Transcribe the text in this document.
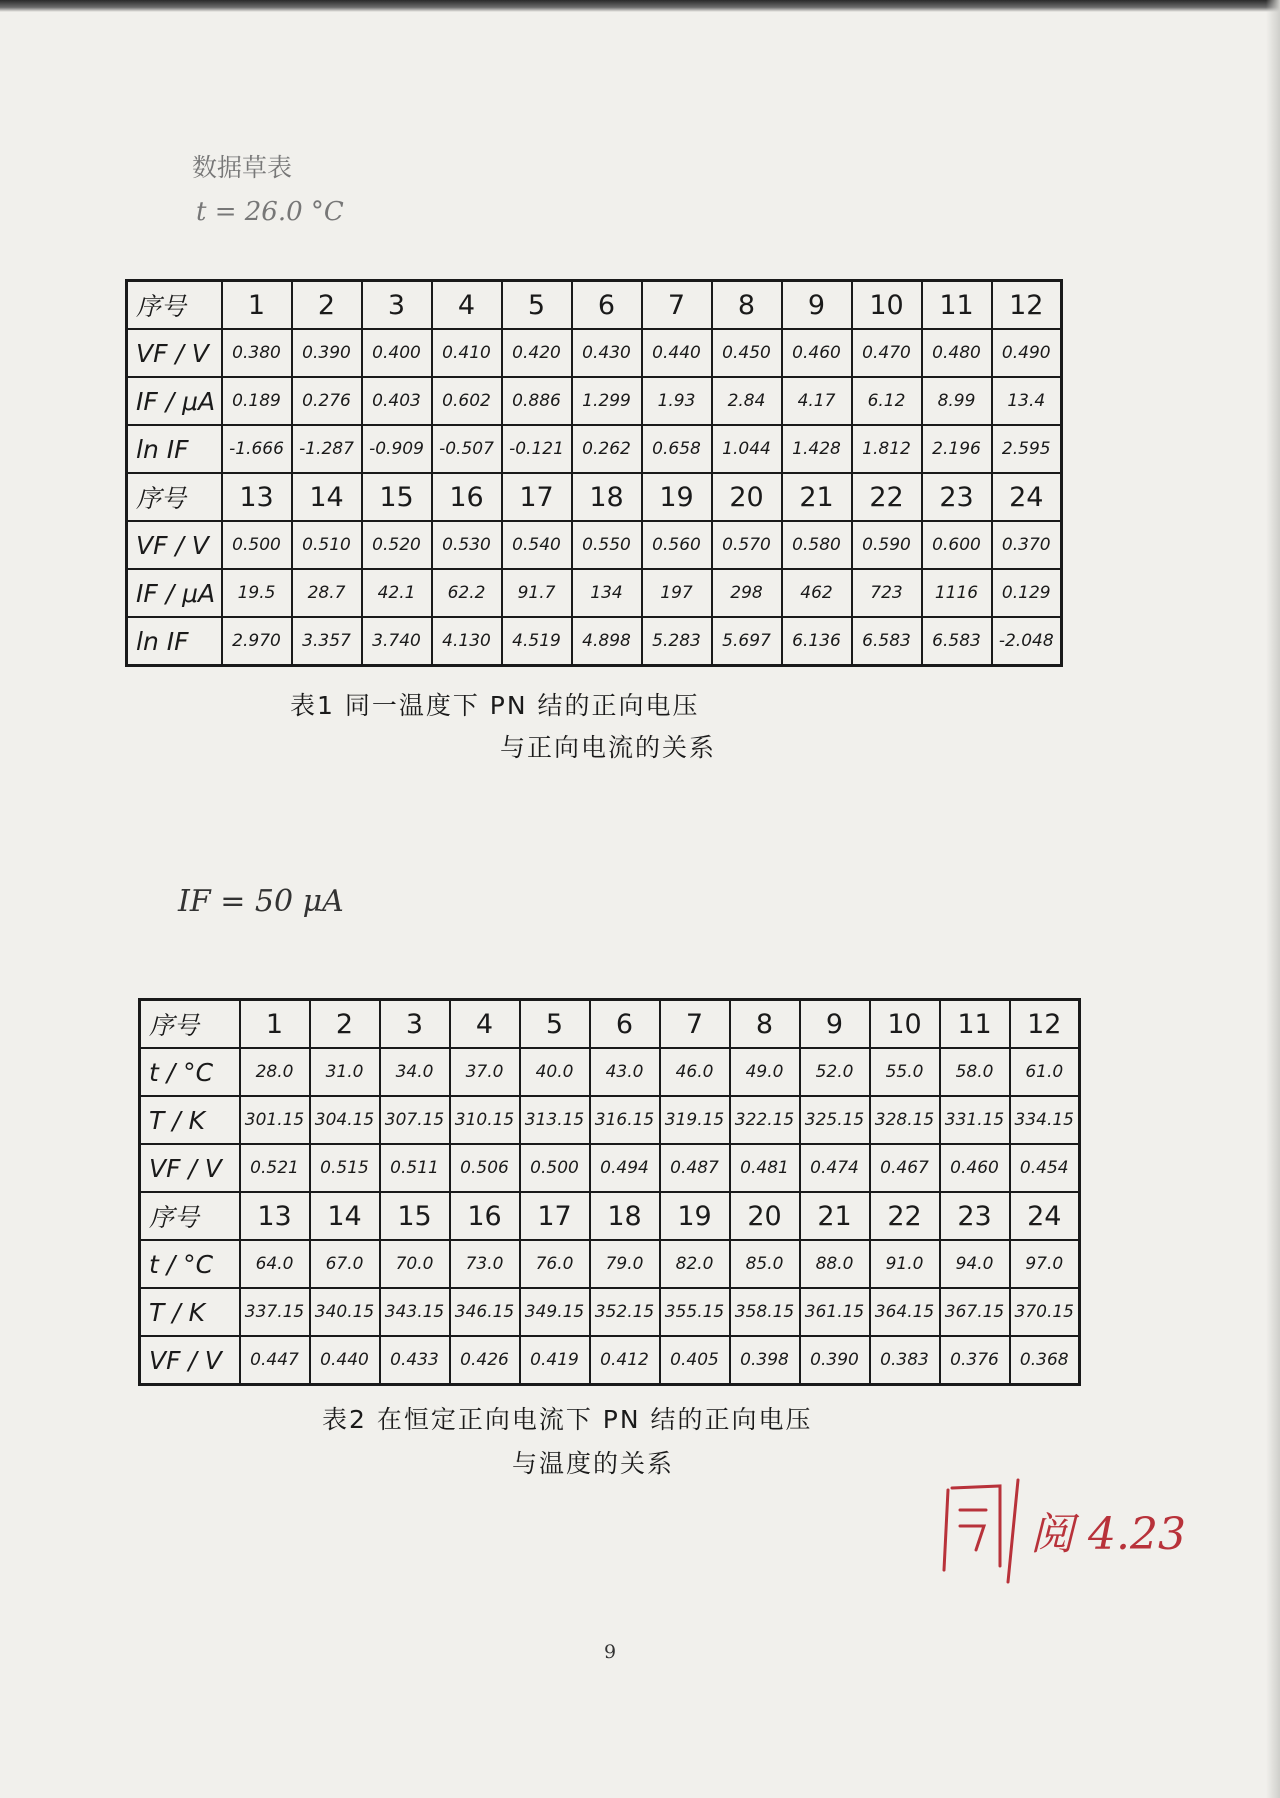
数据草表
t = 26.0 °C
序号	1	2	3	4	5	6	7	8	9	10	11	12
VF / V	0.380	0.390	0.400	0.410	0.420	0.430	0.440	0.450	0.460	0.470	0.480	0.490
IF / μA	0.189	0.276	0.403	0.602	0.886	1.299	1.93	2.84	4.17	6.12	8.99	13.4
ln IF	-1.666	-1.287	-0.909	-0.507	-0.121	0.262	0.658	1.044	1.428	1.812	2.196	2.595
序号	13	14	15	16	17	18	19	20	21	22	23	24
VF / V	0.500	0.510	0.520	0.530	0.540	0.550	0.560	0.570	0.580	0.590	0.600	0.370
IF / μA	19.5	28.7	42.1	62.2	91.7	134	197	298	462	723	1116	0.129
ln IF	2.970	3.357	3.740	4.130	4.519	4.898	5.283	5.697	6.136	6.583	6.583	-2.048
表1 同一温度下 PN 结的正向电压
与正向电流的关系
IF = 50 μA
序号	1	2	3	4	5	6	7	8	9	10	11	12
t / °C	28.0	31.0	34.0	37.0	40.0	43.0	46.0	49.0	52.0	55.0	58.0	61.0
T / K	301.15	304.15	307.15	310.15	313.15	316.15	319.15	322.15	325.15	328.15	331.15	334.15
VF / V	0.521	0.515	0.511	0.506	0.500	0.494	0.487	0.481	0.474	0.467	0.460	0.454
序号	13	14	15	16	17	18	19	20	21	22	23	24
t / °C	64.0	67.0	70.0	73.0	76.0	79.0	82.0	85.0	88.0	91.0	94.0	97.0
T / K	337.15	340.15	343.15	346.15	349.15	352.15	355.15	358.15	361.15	364.15	367.15	370.15
VF / V	0.447	0.440	0.433	0.426	0.419	0.412	0.405	0.398	0.390	0.383	0.376	0.368
表2 在恒定正向电流下 PN 结的正向电压
与温度的关系
阅 4.23
9
